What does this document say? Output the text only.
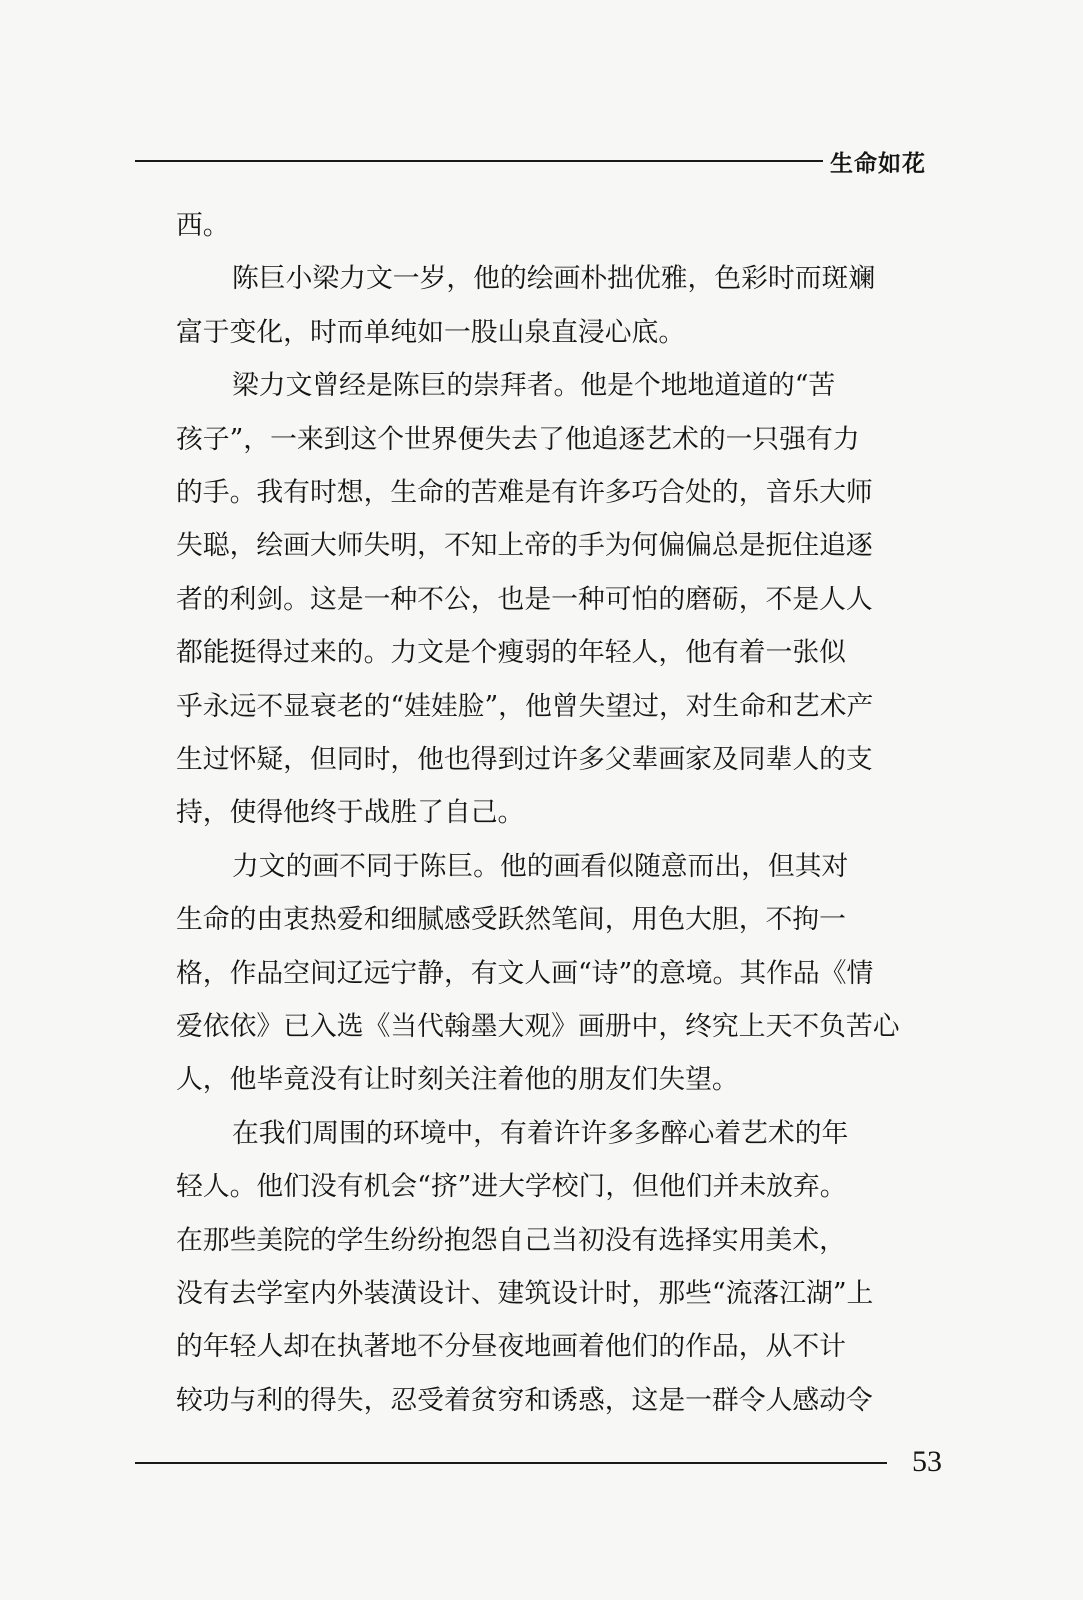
生命如花
西。
陈巨小梁力文一岁，他的绘画朴拙优雅，色彩时而斑斓
富于变化，时而单纯如一股山泉直浸心底。
梁力文曾经是陈巨的崇拜者。他是个地地道道的“苦
孩子”，一来到这个世界便失去了他追逐艺术的一只强有力
的手。我有时想，生命的苦难是有许多巧合处的，音乐大师
失聪，绘画大师失明，不知上帝的手为何偏偏总是扼住追逐
者的利剑。这是一种不公，也是一种可怕的磨砺，不是人人
都能挺得过来的。力文是个瘦弱的年轻人，他有着一张似
乎永远不显衰老的“娃娃脸”，他曾失望过，对生命和艺术产
生过怀疑，但同时，他也得到过许多父辈画家及同辈人的支
持，使得他终于战胜了自己。
力文的画不同于陈巨。他的画看似随意而出，但其对
生命的由衷热爱和细腻感受跃然笔间，用色大胆，不拘一
格，作品空间辽远宁静，有文人画“诗”的意境。其作品《情
爱依依》已入选《当代翰墨大观》画册中，终究上天不负苦心
人，他毕竟没有让时刻关注着他的朋友们失望。
在我们周围的环境中，有着许许多多醉心着艺术的年
轻人。他们没有机会“挤”进大学校门，但他们并未放弃。
在那些美院的学生纷纷抱怨自己当初没有选择实用美术，
没有去学室内外装潢设计、建筑设计时，那些“流落江湖”上
的年轻人却在执著地不分昼夜地画着他们的作品，从不计
较功与利的得失，忍受着贫穷和诱惑，这是一群令人感动令
53
